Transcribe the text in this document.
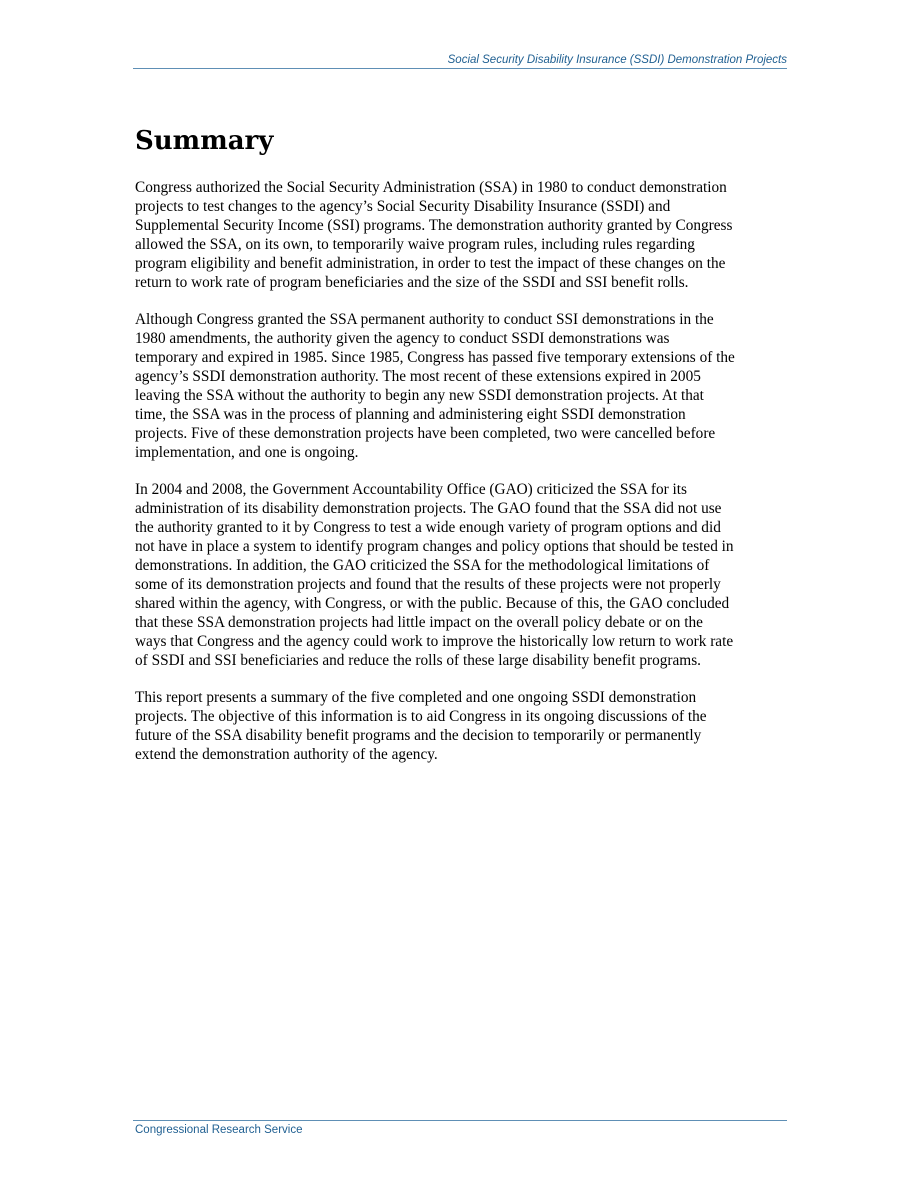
Social Security Disability Insurance (SSDI) Demonstration Projects
Summary

Congress authorized the Social Security Administration (SSA) in 1980 to conduct demonstration
projects to test changes to the agency’s Social Security Disability Insurance (SSDI) and
Supplemental Security Income (SSI) programs. The demonstration authority granted by Congress
allowed the SSA, on its own, to temporarily waive program rules, including rules regarding
program eligibility and benefit administration, in order to test the impact of these changes on the
return to work rate of program beneficiaries and the size of the SSDI and SSI benefit rolls.

Although Congress granted the SSA permanent authority to conduct SSI demonstrations in the
1980 amendments, the authority given the agency to conduct SSDI demonstrations was
temporary and expired in 1985. Since 1985, Congress has passed five temporary extensions of the
agency’s SSDI demonstration authority. The most recent of these extensions expired in 2005
leaving the SSA without the authority to begin any new SSDI demonstration projects. At that
time, the SSA was in the process of planning and administering eight SSDI demonstration
projects. Five of these demonstration projects have been completed, two were cancelled before
implementation, and one is ongoing.

In 2004 and 2008, the Government Accountability Office (GAO) criticized the SSA for its
administration of its disability demonstration projects. The GAO found that the SSA did not use
the authority granted to it by Congress to test a wide enough variety of program options and did
not have in place a system to identify program changes and policy options that should be tested in
demonstrations. In addition, the GAO criticized the SSA for the methodological limitations of
some of its demonstration projects and found that the results of these projects were not properly
shared within the agency, with Congress, or with the public. Because of this, the GAO concluded
that these SSA demonstration projects had little impact on the overall policy debate or on the
ways that Congress and the agency could work to improve the historically low return to work rate
of SSDI and SSI beneficiaries and reduce the rolls of these large disability benefit programs.

This report presents a summary of the five completed and one ongoing SSDI demonstration
projects. The objective of this information is to aid Congress in its ongoing discussions of the
future of the SSA disability benefit programs and the decision to temporarily or permanently
extend the demonstration authority of the agency.

Congressional Research Service
